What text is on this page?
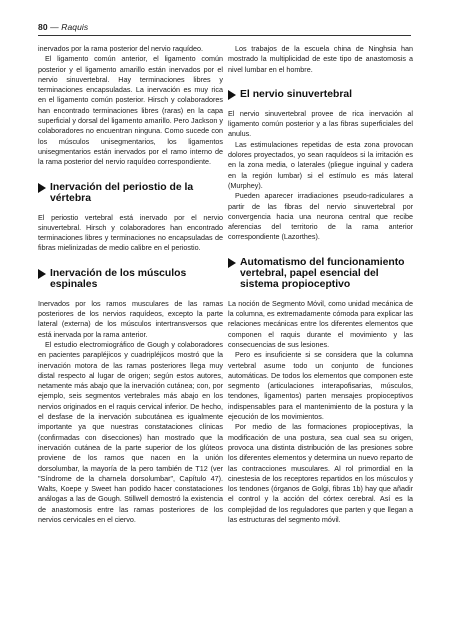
80 — Raquis

inervados por la rama posterior del nervio raquídeo.

El ligamento común anterior, el ligamento común posterior y el ligamento amarillo están inervados por el nervio sinuvertebral. Hay terminaciones libres y terminaciones encapsuladas. La inervación es muy rica en el ligamento común posterior. Hirsch y colaboradores han encontrado terminaciones libres (raras) en la capa superficial y dorsal del ligamento amarillo. Pero Jackson y colaboradores no encuentran ninguna. Como sucede con los músculos unisegmentarios, los ligamentos unisegmentarios están inervados por el ramo interno de la rama posterior del nervio raquídeo correspondiente.

Inervación del periostio de la vértebra

El periostio vertebral está inervado por el nervio sinuvertebral. Hirsch y colaboradores han encontrado terminaciones libres y terminaciones no encapsuladas de fibras mielinizadas de medio calibre en el periostio.

Inervación de los músculos espinales

Inervados por los ramos musculares de las ramas posteriores de los nervios raquídeos, excepto la parte lateral (externa) de los músculos intertransversos que está inervada por la rama anterior.

El estudio electromiográfico de Gough y colaboradores en pacientes parapléjicos y cuadripléjicos mostró que la inervación motora de las ramas posteriores llega muy distal respecto al lugar de origen; según estos autores, netamente más abajo que la inervación cutánea; con, por ejemplo, seis segmentos vertebrales más abajo en los nervios originados en el raquis cervical inferior. De hecho, el desfase de la inervación subcutánea es igualmente importante ya que nuestras constataciones clínicas (confirmadas con disecciones) han mostrado que la inervación cutánea de la parte superior de los glúteos proviene de los ramos que nacen en la unión dorsolumbar, la mayoría de la pero también de T12 (ver "Síndrome de la charnela dorsolumbar", Capítulo 47). Walts, Koepe y Sweet han podido hacer constataciones análogas a las de Gough. Stillwell demostró la existencia de anastomosis entre las ramas posteriores de los nervios cervicales en el ciervo.

Los trabajos de la escuela china de Ninghsia han mostrado la multiplicidad de este tipo de anastomosis a nivel lumbar en el hombre.

El nervio sinuvertebral

El nervio sinuvertebral provee de rica inervación al ligamento común posterior y a las fibras superficiales del anulus.

Las estimulaciones repetidas de esta zona provocan dolores proyectados, yo sean raquídeos si la irritación es en la zona media, o laterales (pliegue inguinal y cadera en la región lumbar) si el estímulo es más lateral (Murphey).

Pueden aparecer irradiaciones pseudo-radiculares a partir de las fibras del nervio sinuvertebral por convergencia hacia una neurona central que recibe aferencias del territorio de la rama anterior correspondiente (Lazorthes).

Automatismo del funcionamiento vertebral, papel esencial del sistema propioceptivo

La noción de Segmento Móvil, como unidad mecánica de la columna, es extremadamente cómoda para explicar las relaciones mecánicas entre los diferentes elementos que componen el raquis durante el movimiento y las consecuencias de sus lesiones.

Pero es insuficiente si se considera que la columna vertebral asume todo un conjunto de funciones automáticas. De todos los elementos que componen este segmento (articulaciones interapofisarias, músculos, tendones, ligamentos) parten mensajes propioceptivos indispensables para el mantenimiento de la postura y la ejecución de los movimientos.

Por medio de las formaciones propioceptivas, la modificación de una postura, sea cual sea su origen, provoca una distinta distribución de las presiones sobre los diferentes elementos y determina un nuevo reparto de las contracciones musculares. Al rol primordial en la cinestesia de los receptores repartidos en los músculos y los tendones (órganos de Golgi, fibras 1b) hay que añadir el control y la acción del córtex cerebral. Así es la complejidad de los reguladores que parten y que llegan a las estructuras del segmento móvil.
